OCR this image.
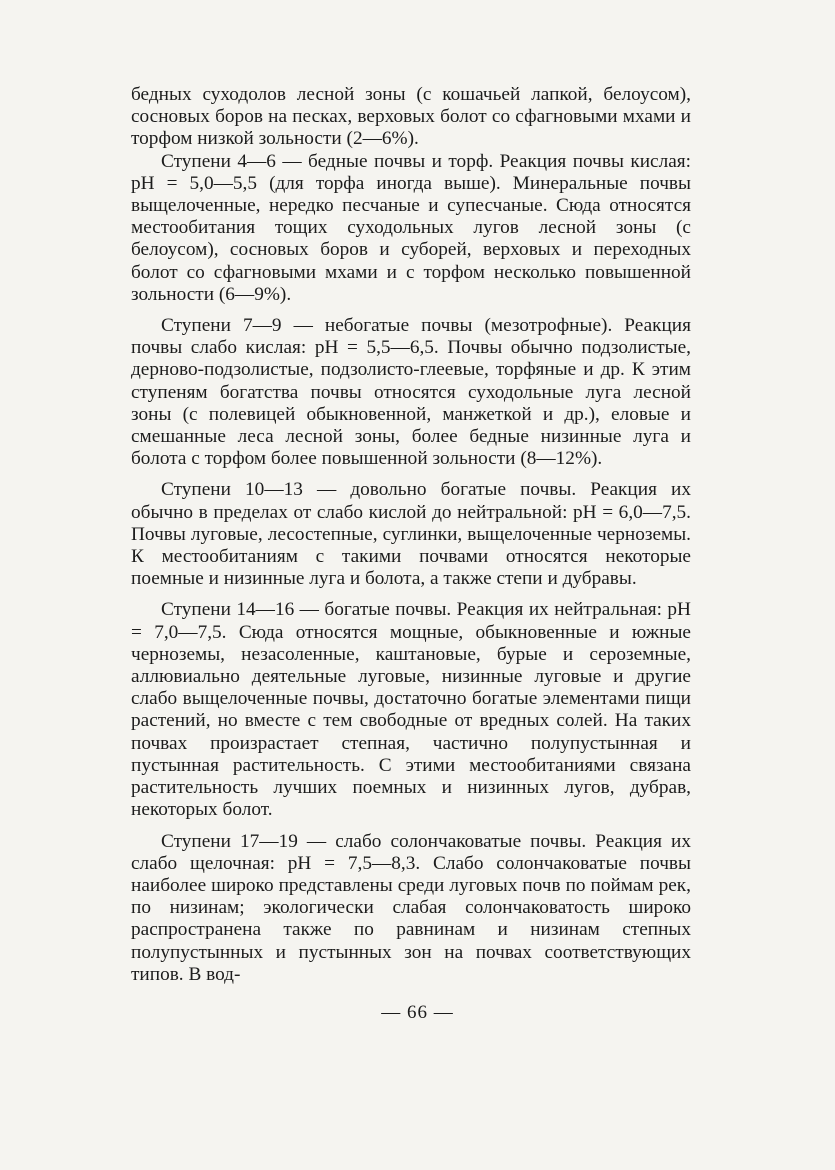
бедных суходолов лесной зоны (с кошачьей лапкой, белоусом), сосновых боров на песках, верховых болот со сфагновыми мхами и торфом низкой зольности (2—6%).

Ступени 4—6 — бедные почвы и торф. Реакция почвы кислая: pH = 5,0—5,5 (для торфа иногда выше). Минеральные почвы выщелоченные, нередко песчаные и супесчаные. Сюда относятся местообитания тощих суходольных лугов лесной зоны (с белоусом), сосновых боров и суборей, верховых и переходных болот со сфагновыми мхами и с торфом несколько повышенной зольности (6—9%).

Ступени 7—9 — небогатые почвы (мезотрофные). Реакция почвы слабо кислая: pH = 5,5—6,5. Почвы обычно подзолистые, дерново-подзолистые, подзолисто-глеевые, торфяные и др. К этим ступеням богатства почвы относятся суходольные луга лесной зоны (с полевицей обыкновенной, манжеткой и др.), еловые и смешанные леса лесной зоны, более бедные низинные луга и болота с торфом более повышенной зольности (8—12%).

Ступени 10—13 — довольно богатые почвы. Реакция их обычно в пределах от слабо кислой до нейтральной: pH = 6,0—7,5. Почвы луговые, лесостепные, суглинки, выщелоченные черноземы. К местообитаниям с такими почвами относятся некоторые поемные и низинные луга и болота, а также степи и дубравы.

Ступени 14—16 — богатые почвы. Реакция их нейтральная: pH = 7,0—7,5. Сюда относятся мощные, обыкновенные и южные черноземы, незасоленные, каштановые, бурые и сероземные, аллювиально деятельные луговые, низинные луговые и другие слабо выщелоченные почвы, достаточно богатые элементами пищи растений, но вместе с тем свободные от вредных солей. На таких почвах произрастает степная, частично полупустынная и пустынная растительность. С этими местообитаниями связана растительность лучших поемных и низинных лугов, дубрав, некоторых болот.

Ступени 17—19 — слабо солончаковатые почвы. Реакция их слабо щелочная: pH = 7,5—8,3. Слабо солончаковатые почвы наиболее широко представлены среди луговых почв по поймам рек, по низинам; экологически слабая солончаковатость широко распространена также по равнинам и низинам степных полупустынных и пустынных зон на почвах соответствующих типов. В вод-

— 66 —
